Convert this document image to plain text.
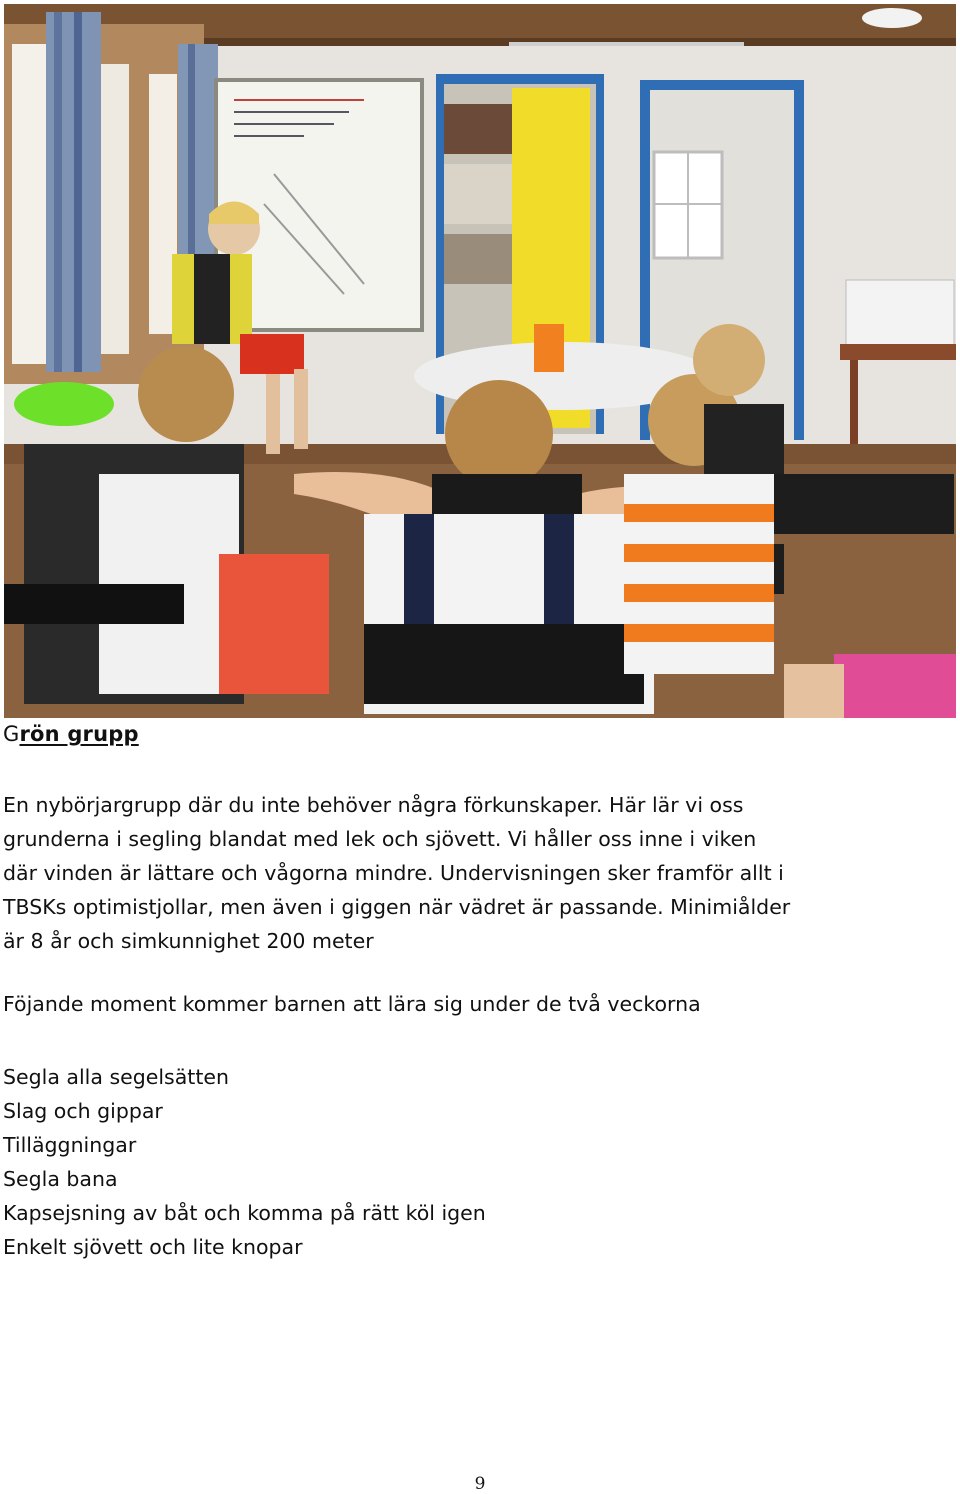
Grön grupp

En nybörjargrupp där du inte behöver några förkunskaper. Här lär vi oss
grunderna i segling blandat med lek och sjövett. Vi håller oss inne i viken
där vinden är lättare och vågorna mindre. Undervisningen sker framför allt i
TBSKs optimistjollar, men även i giggen när vädret är passande. Minimiålder
är 8 år och simkunnighet 200 meter

Föjande moment kommer barnen att lära sig under de två veckorna

Segla alla segelsätten
Slag och gippar
Tilläggningar
Segla bana
Kapsejsning av båt och komma på rätt köl igen
Enkelt sjövett och lite knopar
9
